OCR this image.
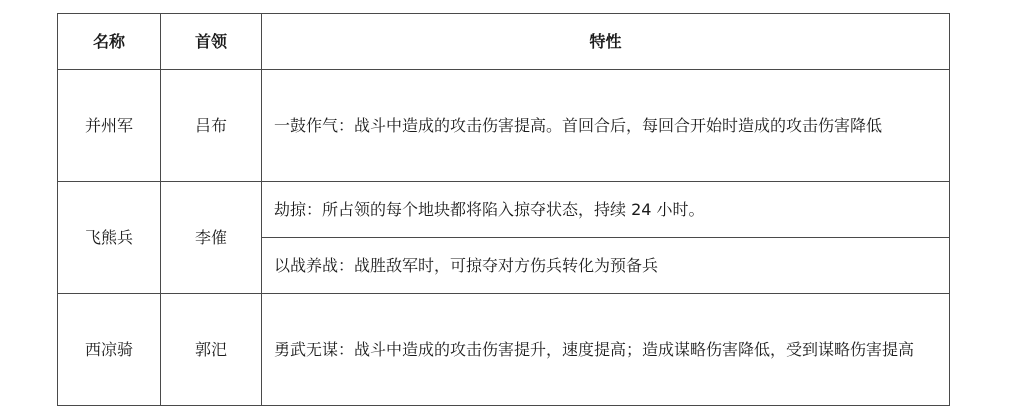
名称	首领	特性
并州军	吕布	一鼓作气：战斗中造成的攻击伤害提高。首回合后，每回合开始时造成的攻击伤害降低

飞熊兵	李傕	劫掠：所占领的每个地块都将陷入掠夺状态，持续 24 小时。

		以战养战：战胜敌军时，可掠夺对方伤兵转化为预备兵

西凉骑	郭汜	勇武无谋：战斗中造成的攻击伤害提升，速度提高；造成谋略伤害降低，受到谋略伤害提高
